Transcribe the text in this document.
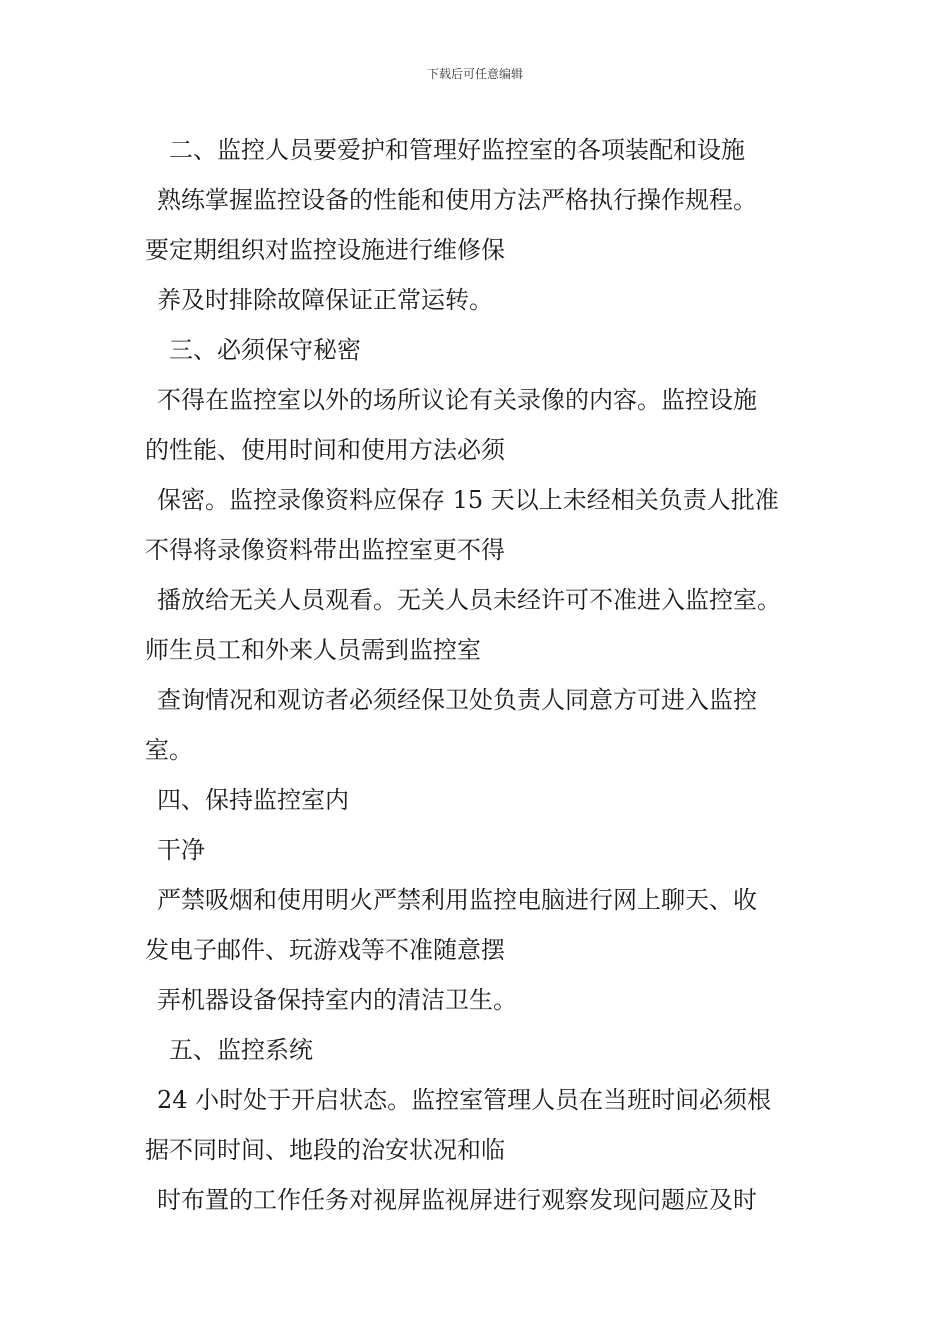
下载后可任意编辑
二、监控人员要爱护和管理好监控室的各项装配和设施
熟练掌握监控设备的性能和使用方法严格执行操作规程。
要定期组织对监控设施进行维修保
养及时排除故障保证正常运转。
三、必须保守秘密
不得在监控室以外的场所议论有关录像的内容。监控设施
的性能、使用时间和使用方法必须
保密。监控录像资料应保存 15 天以上未经相关负责人批准
不得将录像资料带出监控室更不得
播放给无关人员观看。无关人员未经许可不准进入监控室。
师生员工和外来人员需到监控室
查询情况和观访者必须经保卫处负责人同意方可进入监控
室。
四、保持监控室内
干净
严禁吸烟和使用明火严禁利用监控电脑进行网上聊天、收
发电子邮件、玩游戏等不准随意摆
弄机器设备保持室内的清洁卫生。
五、监控系统
24 小时处于开启状态。监控室管理人员在当班时间必须根
据不同时间、地段的治安状况和临
时布置的工作任务对视屏监视屏进行观察发现问题应及时
